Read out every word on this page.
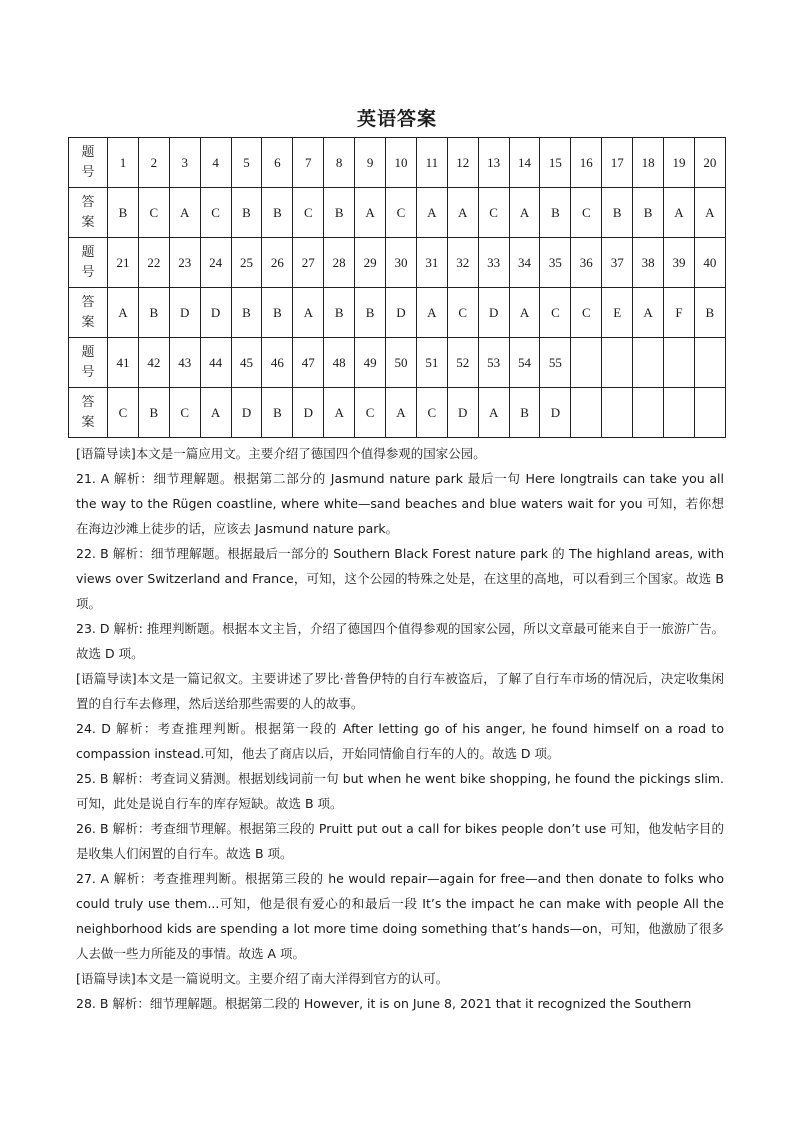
英语答案
题
号	1	2	3	4	5	6	7	8	9	10	11	12	13	14	15	16	17	18	19	20

答
案	B	C	A	C	B	B	C	B	A	C	A	A	C	A	B	C	B	B	A	A

题
号	21	22	23	24	25	26	27	28	29	30	31	32	33	34	35	36	37	38	39	40

答
案	A	B	D	D	B	B	A	B	B	D	A	C	D	A	C	C	E	A	F	B

题
号	41	42	43	44	45	46	47	48	49	50	51	52	53	54	55					

答
案	C	B	C	A	D	B	D	A	C	A	C	D	A	B	D					

[语篇导读]本文是一篇应用文。主要介绍了德国四个值得参观的国家公园。

21. A 解析：细节理解题。根据第二部分的 Jasmund nature park 最后一句 Here longtrails can take you all the way to the Rügen coastline, where white—sand beaches and blue waters wait for you 可知，若你想在海边沙滩上徒步的话，应该去 Jasmund nature park。

22. B 解析：细节理解题。根据最后一部分的 Southern Black Forest nature park 的 The highland areas, with views over Switzerland and France，可知，这个公园的特殊之处是，在这里的高地，可以看到三个国家。故选 B 项。

23. D 解析: 推理判断题。根据本文主旨，介绍了德国四个值得参观的国家公园，所以文章最可能来自于一旅游广告。故选 D 项。

[语篇导读]本文是一篇记叙文。主要讲述了罗比·普鲁伊特的自行车被盗后，了解了自行车市场的情况后，决定收集闲置的自行车去修理，然后送给那些需要的人的故事。

24. D 解析：考查推理判断。根据第一段的 After letting go of his anger, he found himself on a road to compassion instead.可知，他去了商店以后，开始同情偷自行车的人的。故选 D 项。

25. B 解析：考查词义猜测。根据划线词前一句 but when he went bike shopping, he found the pickings slim.可知，此处是说自行车的库存短缺。故选 B 项。

26. B 解析：考查细节理解。根据第三段的 Pruitt put out a call for bikes people don’t use 可知，他发帖字目的是收集人们闲置的自行车。故选 B 项。

27. A 解析：考查推理判断。根据第三段的 he would repair—again for free—and then donate to folks who could truly use them...可知，他是很有爱心的和最后一段 It’s the impact he can make with people All the neighborhood kids are spending a lot more time doing something that’s hands—on，可知，他激励了很多人去做一些力所能及的事情。故选 A 项。

[语篇导读]本文是一篇说明文。主要介绍了南大洋得到官方的认可。

28. B 解析：细节理解题。根据第二段的 However, it is on June 8, 2021 that it recognized the Southern
